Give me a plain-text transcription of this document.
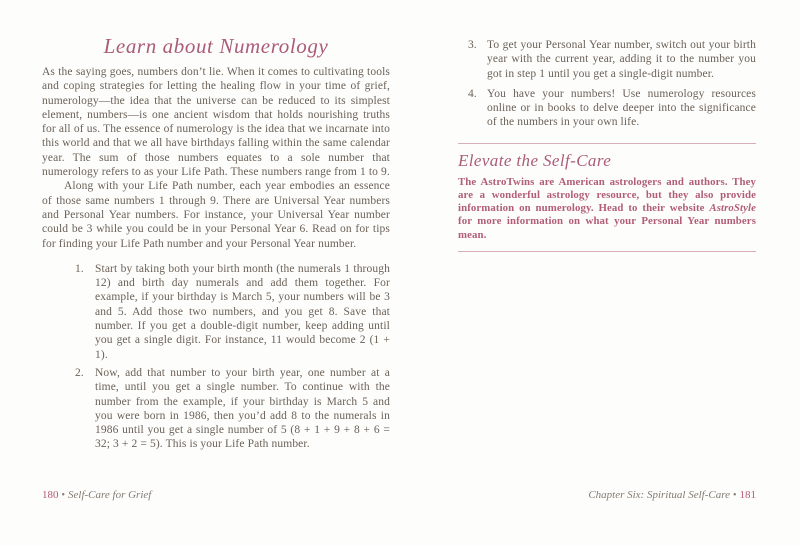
Learn about Numerology

As the saying goes, numbers don’t lie. When it comes to cultivating tools and coping strategies for letting the healing flow in your time of grief, numerology—the idea that the universe can be reduced to its simplest element, numbers—is one ancient wisdom that holds nourishing truths for all of us. The essence of numerology is the idea that we incarnate into this world and that we all have birthdays falling within the same calendar year. The sum of those numbers equates to a sole number that numerology refers to as your Life Path. These numbers range from 1 to 9.

Along with your Life Path number, each year embodies an essence of those same numbers 1 through 9. There are Universal Year numbers and Personal Year numbers. For instance, your Universal Year number could be 3 while you could be in your Personal Year 6. Read on for tips for finding your Life Path number and your Personal Year number.

1. Start by taking both your birth month (the numerals 1 through 12) and birth day numerals and add them together. For example, if your birthday is March 5, your numbers will be 3 and 5. Add those two numbers, and you get 8. Save that number. If you get a double-digit number, keep adding until you get a single digit. For instance, 11 would become 2 (1 + 1).
2. Now, add that number to your birth year, one number at a time, until you get a single number. To continue with the number from the example, if your birthday is March 5 and you were born in 1986, then you’d add 8 to the numerals in 1986 until you get a single number of 5 (8 + 1 + 9 + 8 + 6 = 32; 3 + 2 = 5). This is your Life Path number.
3. To get your Personal Year number, switch out your birth year with the current year, adding it to the number you got in step 1 until you get a single-digit number.
4. You have your numbers! Use numerology resources online or in books to delve deeper into the significance of the numbers in your own life.
Elevate the Self-Care

The AstroTwins are American astrologers and authors. They are a wonderful astrology resource, but they also provide information on numerology. Head to their website AstroStyle for more information on what your Personal Year numbers mean.

180 • Self-Care for Grief	Chapter Six: Spiritual Self-Care • 181
